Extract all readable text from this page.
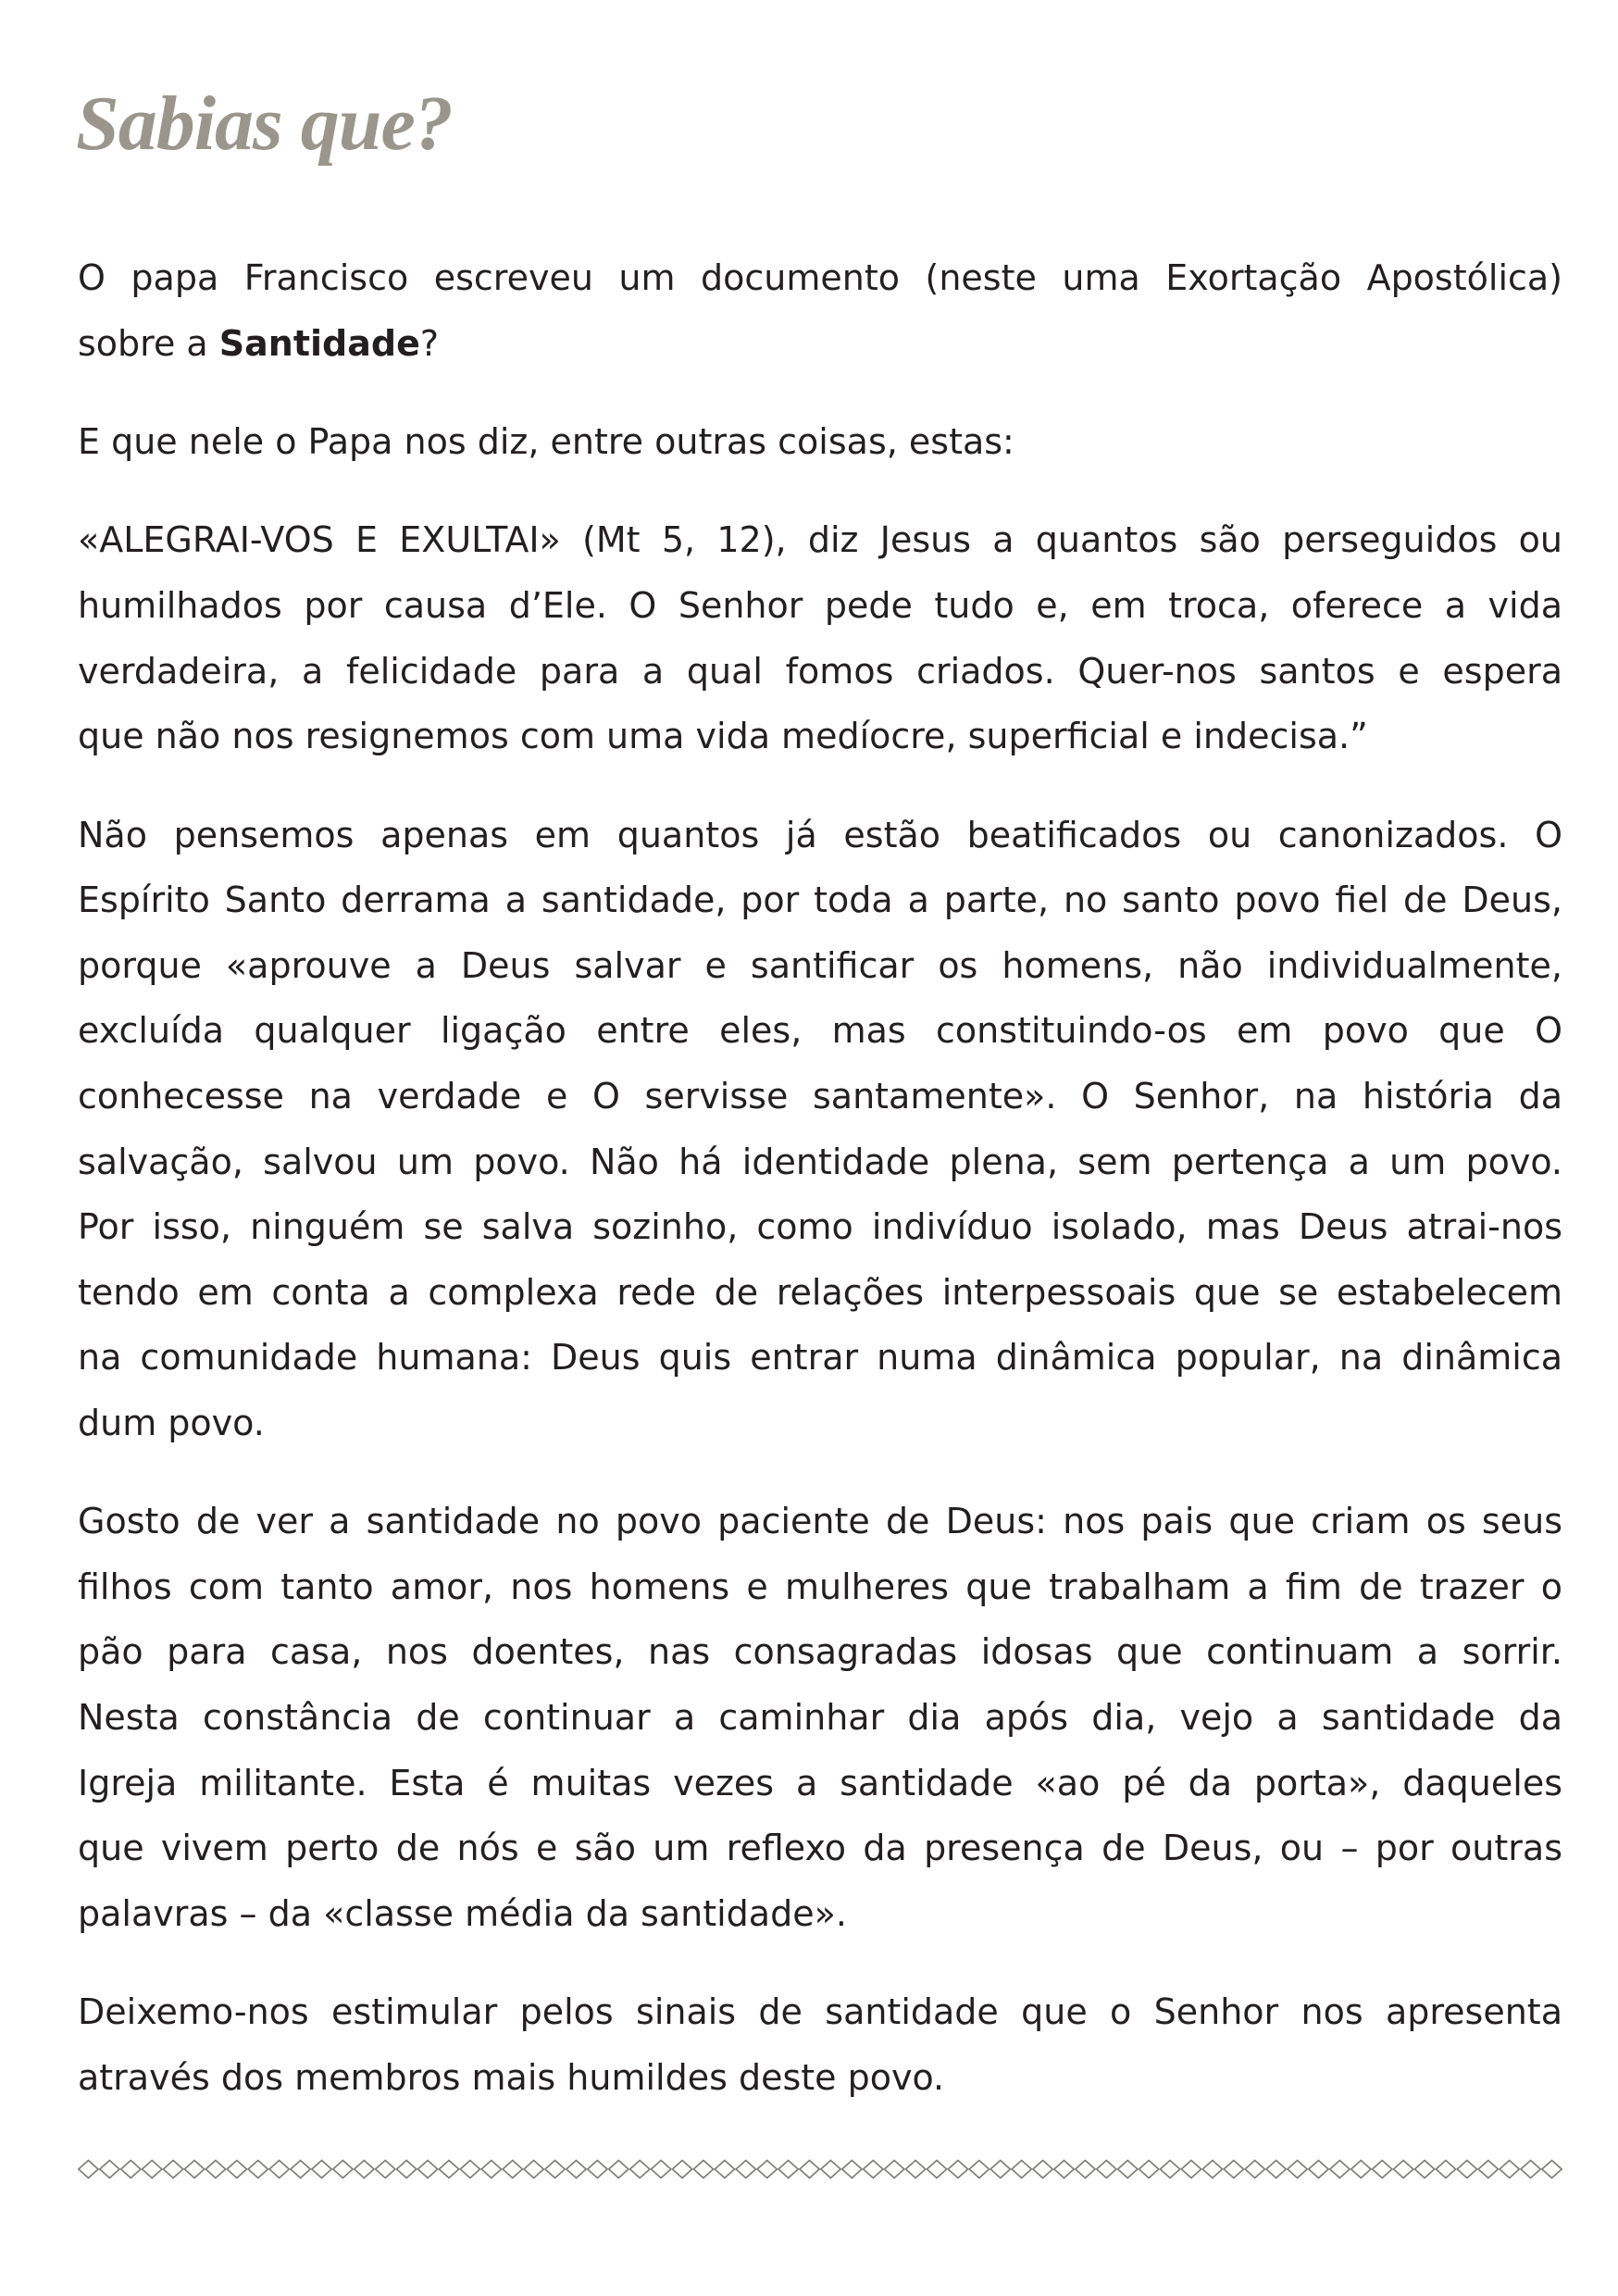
Sabias que?
O papa Francisco escreveu um documento (neste uma Exortação Apostólica)
sobre a Santidade?
E que nele o Papa nos diz, entre outras coisas, estas:
«ALEGRAI-VOS E EXULTAI» (Mt 5, 12), diz Jesus a quantos são perseguidos ou
humilhados por causa d’Ele. O Senhor pede tudo e, em troca, oferece a vida
verdadeira, a felicidade para a qual fomos criados. Quer-nos santos e espera
que não nos resignemos com uma vida medíocre, superficial e indecisa.”
Não pensemos apenas em quantos já estão beatificados ou canonizados. O
Espírito Santo derrama a santidade, por toda a parte, no santo povo fiel de Deus,
porque «aprouve a Deus salvar e santificar os homens, não individualmente,
excluída qualquer ligação entre eles, mas constituindo-os em povo que O
conhecesse na verdade e O servisse santamente». O Senhor, na história da
salvação, salvou um povo. Não há identidade plena, sem pertença a um povo.
Por isso, ninguém se salva sozinho, como indivíduo isolado, mas Deus atrai-nos
tendo em conta a complexa rede de relações interpessoais que se estabelecem
na comunidade humana: Deus quis entrar numa dinâmica popular, na dinâmica
dum povo.
Gosto de ver a santidade no povo paciente de Deus: nos pais que criam os seus
filhos com tanto amor, nos homens e mulheres que trabalham a fim de trazer o
pão para casa, nos doentes, nas consagradas idosas que continuam a sorrir.
Nesta constância de continuar a caminhar dia após dia, vejo a santidade da
Igreja militante. Esta é muitas vezes a santidade «ao pé da porta», daqueles
que vivem perto de nós e são um reflexo da presença de Deus, ou – por outras
palavras – da «classe média da santidade».
Deixemo-nos estimular pelos sinais de santidade que o Senhor nos apresenta
através dos membros mais humildes deste povo.
